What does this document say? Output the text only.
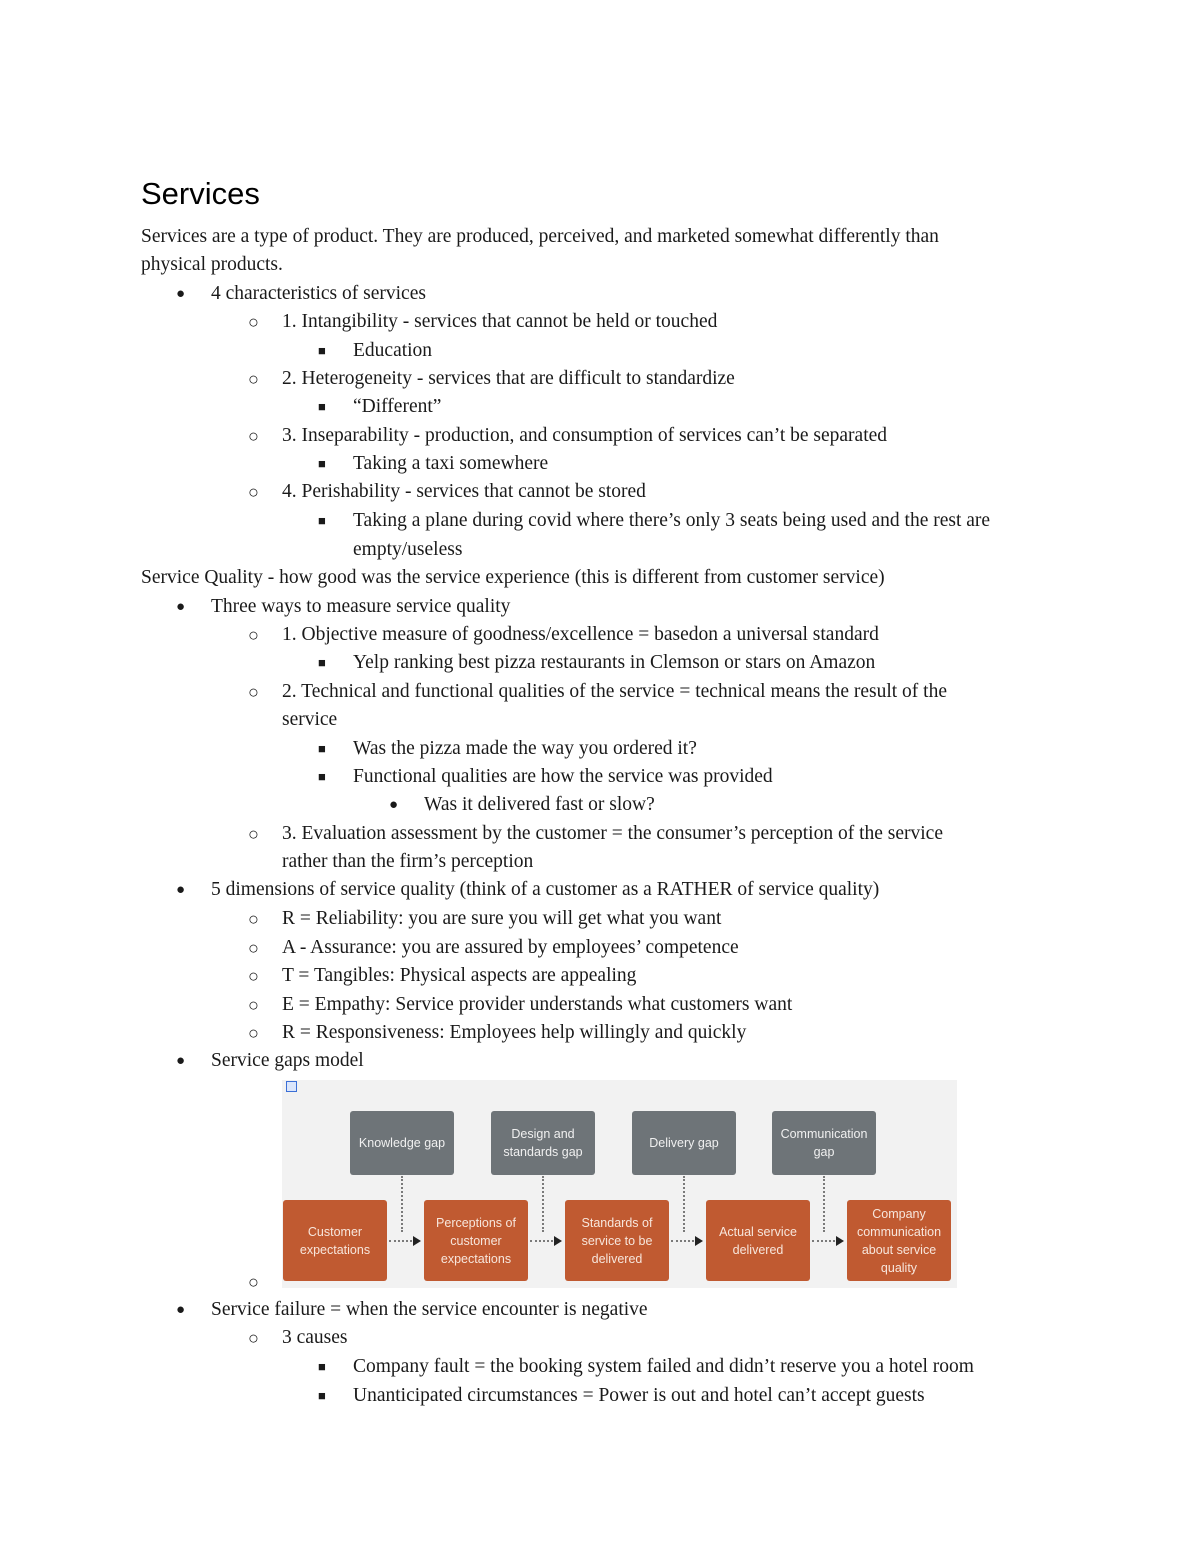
Services
Services are a type of product. They are produced, perceived, and marketed somewhat differently than
physical products.
● 4 characteristics of services
○ 1. Intangibility - services that cannot be held or touched
■ Education
○ 2. Heterogeneity - services that are difficult to standardize
■ “Different”
○ 3. Inseparability - production, and consumption of services can’t be separated
■ Taking a taxi somewhere
○ 4. Perishability - services that cannot be stored
■ Taking a plane during covid where there’s only 3 seats being used and the rest are
empty/useless
Service Quality - how good was the service experience (this is different from customer service)
● Three ways to measure service quality
○ 1. Objective measure of goodness/excellence = basedon a universal standard
■ Yelp ranking best pizza restaurants in Clemson or stars on Amazon
○ 2. Technical and functional qualities of the service = technical means the result of the
service
■ Was the pizza made the way you ordered it?
■ Functional qualities are how the service was provided
● Was it delivered fast or slow?
○ 3. Evaluation assessment by the customer = the consumer’s perception of the service
rather than the firm’s perception
● 5 dimensions of service quality (think of a customer as a RATHER of service quality)
○ R = Reliability: you are sure you will get what you want
○ A - Assurance: you are assured by employees’ competence
○ T = Tangibles: Physical aspects are appealing
○ E = Empathy: Service provider understands what customers want
○ R = Responsiveness: Employees help willingly and quickly
● Service gaps model
Knowledge gap
Design and standards gap
Delivery gap
Communication gap
Customer expectations
Perceptions of customer expectations
Standards of service to be delivered
Actual service delivered
Company communication about service quality
○
● Service failure = when the service encounter is negative
○ 3 causes
■ Company fault = the booking system failed and didn’t reserve you a hotel room
■ Unanticipated circumstances = Power is out and hotel can’t accept guests
